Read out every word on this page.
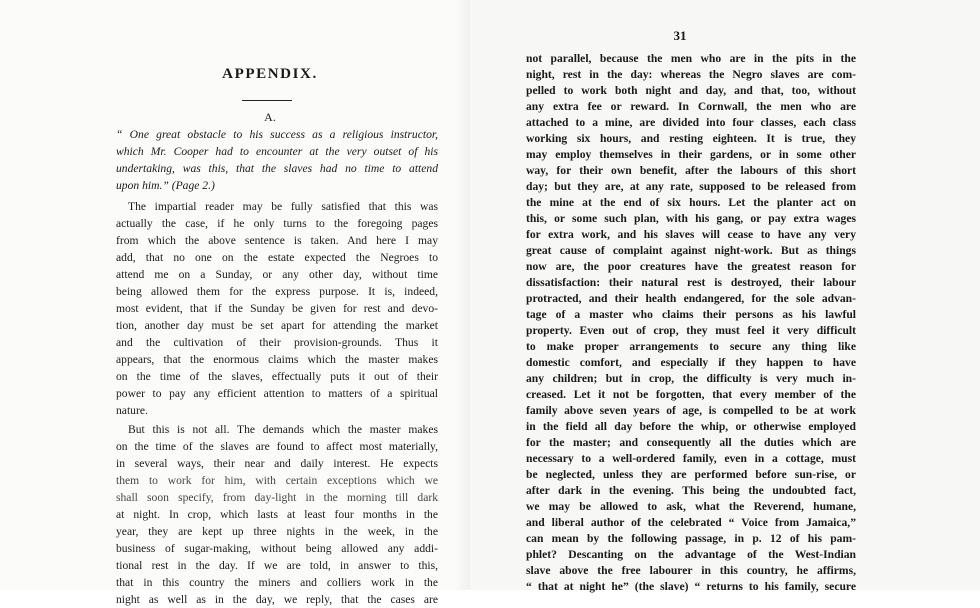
APPENDIX.
A.
“ One great obstacle to his success as a religious instructor,
which Mr. Cooper had to encounter at the very outset of his
undertaking, was this, that the slaves had no time to attend
upon him.” (Page 2.)
The impartial reader may be fully satisfied that this was
actually the case, if he only turns to the foregoing pages
from which the above sentence is taken. And here I may
add, that no one on the estate expected the Negroes to
attend me on a Sunday, or any other day, without time
being allowed them for the express purpose. It is, indeed,
most evident, that if the Sunday be given for rest and devo-
tion, another day must be set apart for attending the market
and the cultivation of their provision-grounds. Thus it
appears, that the enormous claims which the master makes
on the time of the slaves, effectually puts it out of their
power to pay any efficient attention to matters of a spiritual
nature.
But this is not all. The demands which the master makes
on the time of the slaves are found to affect most materially,
in several ways, their near and daily interest. He expects
them to work for him, with certain exceptions which we
shall soon specify, from day-light in the morning till dark
at night. In crop, which lasts at least four months in the
year, they are kept up three nights in the week, in the
business of sugar-making, without being allowed any addi-
tional rest in the day. If we are told, in answer to this,
that in this country the miners and colliers work in the
night as well as in the day, we reply, that the cases are
31
not parallel, because the men who are in the pits in the
night, rest in the day: whereas the Negro slaves are com-
pelled to work both night and day, and that, too, without
any extra fee or reward. In Cornwall, the men who are
attached to a mine, are divided into four classes, each class
working six hours, and resting eighteen. It is true, they
may employ themselves in their gardens, or in some other
way, for their own benefit, after the labours of this short
day; but they are, at any rate, supposed to be released from
the mine at the end of six hours. Let the planter act on
this, or some such plan, with his gang, or pay extra wages
for extra work, and his slaves will cease to have any very
great cause of complaint against night-work. But as things
now are, the poor creatures have the greatest reason for
dissatisfaction: their natural rest is destroyed, their labour
protracted, and their health endangered, for the sole advan-
tage of a master who claims their persons as his lawful
property. Even out of crop, they must feel it very difficult
to make proper arrangements to secure any thing like
domestic comfort, and especially if they happen to have
any children; but in crop, the difficulty is very much in-
creased. Let it not be forgotten, that every member of the
family above seven years of age, is compelled to be at work
in the field all day before the whip, or otherwise employed
for the master; and consequently all the duties which are
necessary to a well-ordered family, even in a cottage, must
be neglected, unless they are performed before sun-rise, or
after dark in the evening. This being the undoubted fact,
we may be allowed to ask, what the Reverend, humane,
and liberal author of the celebrated “ Voice from Jamaica,”
can mean by the following passage, in p. 12 of his pam-
phlet? Descanting on the advantage of the West-Indian
slave above the free labourer in this country, he affirms,
“ that at night he” (the slave) “ returns to his family, secure
